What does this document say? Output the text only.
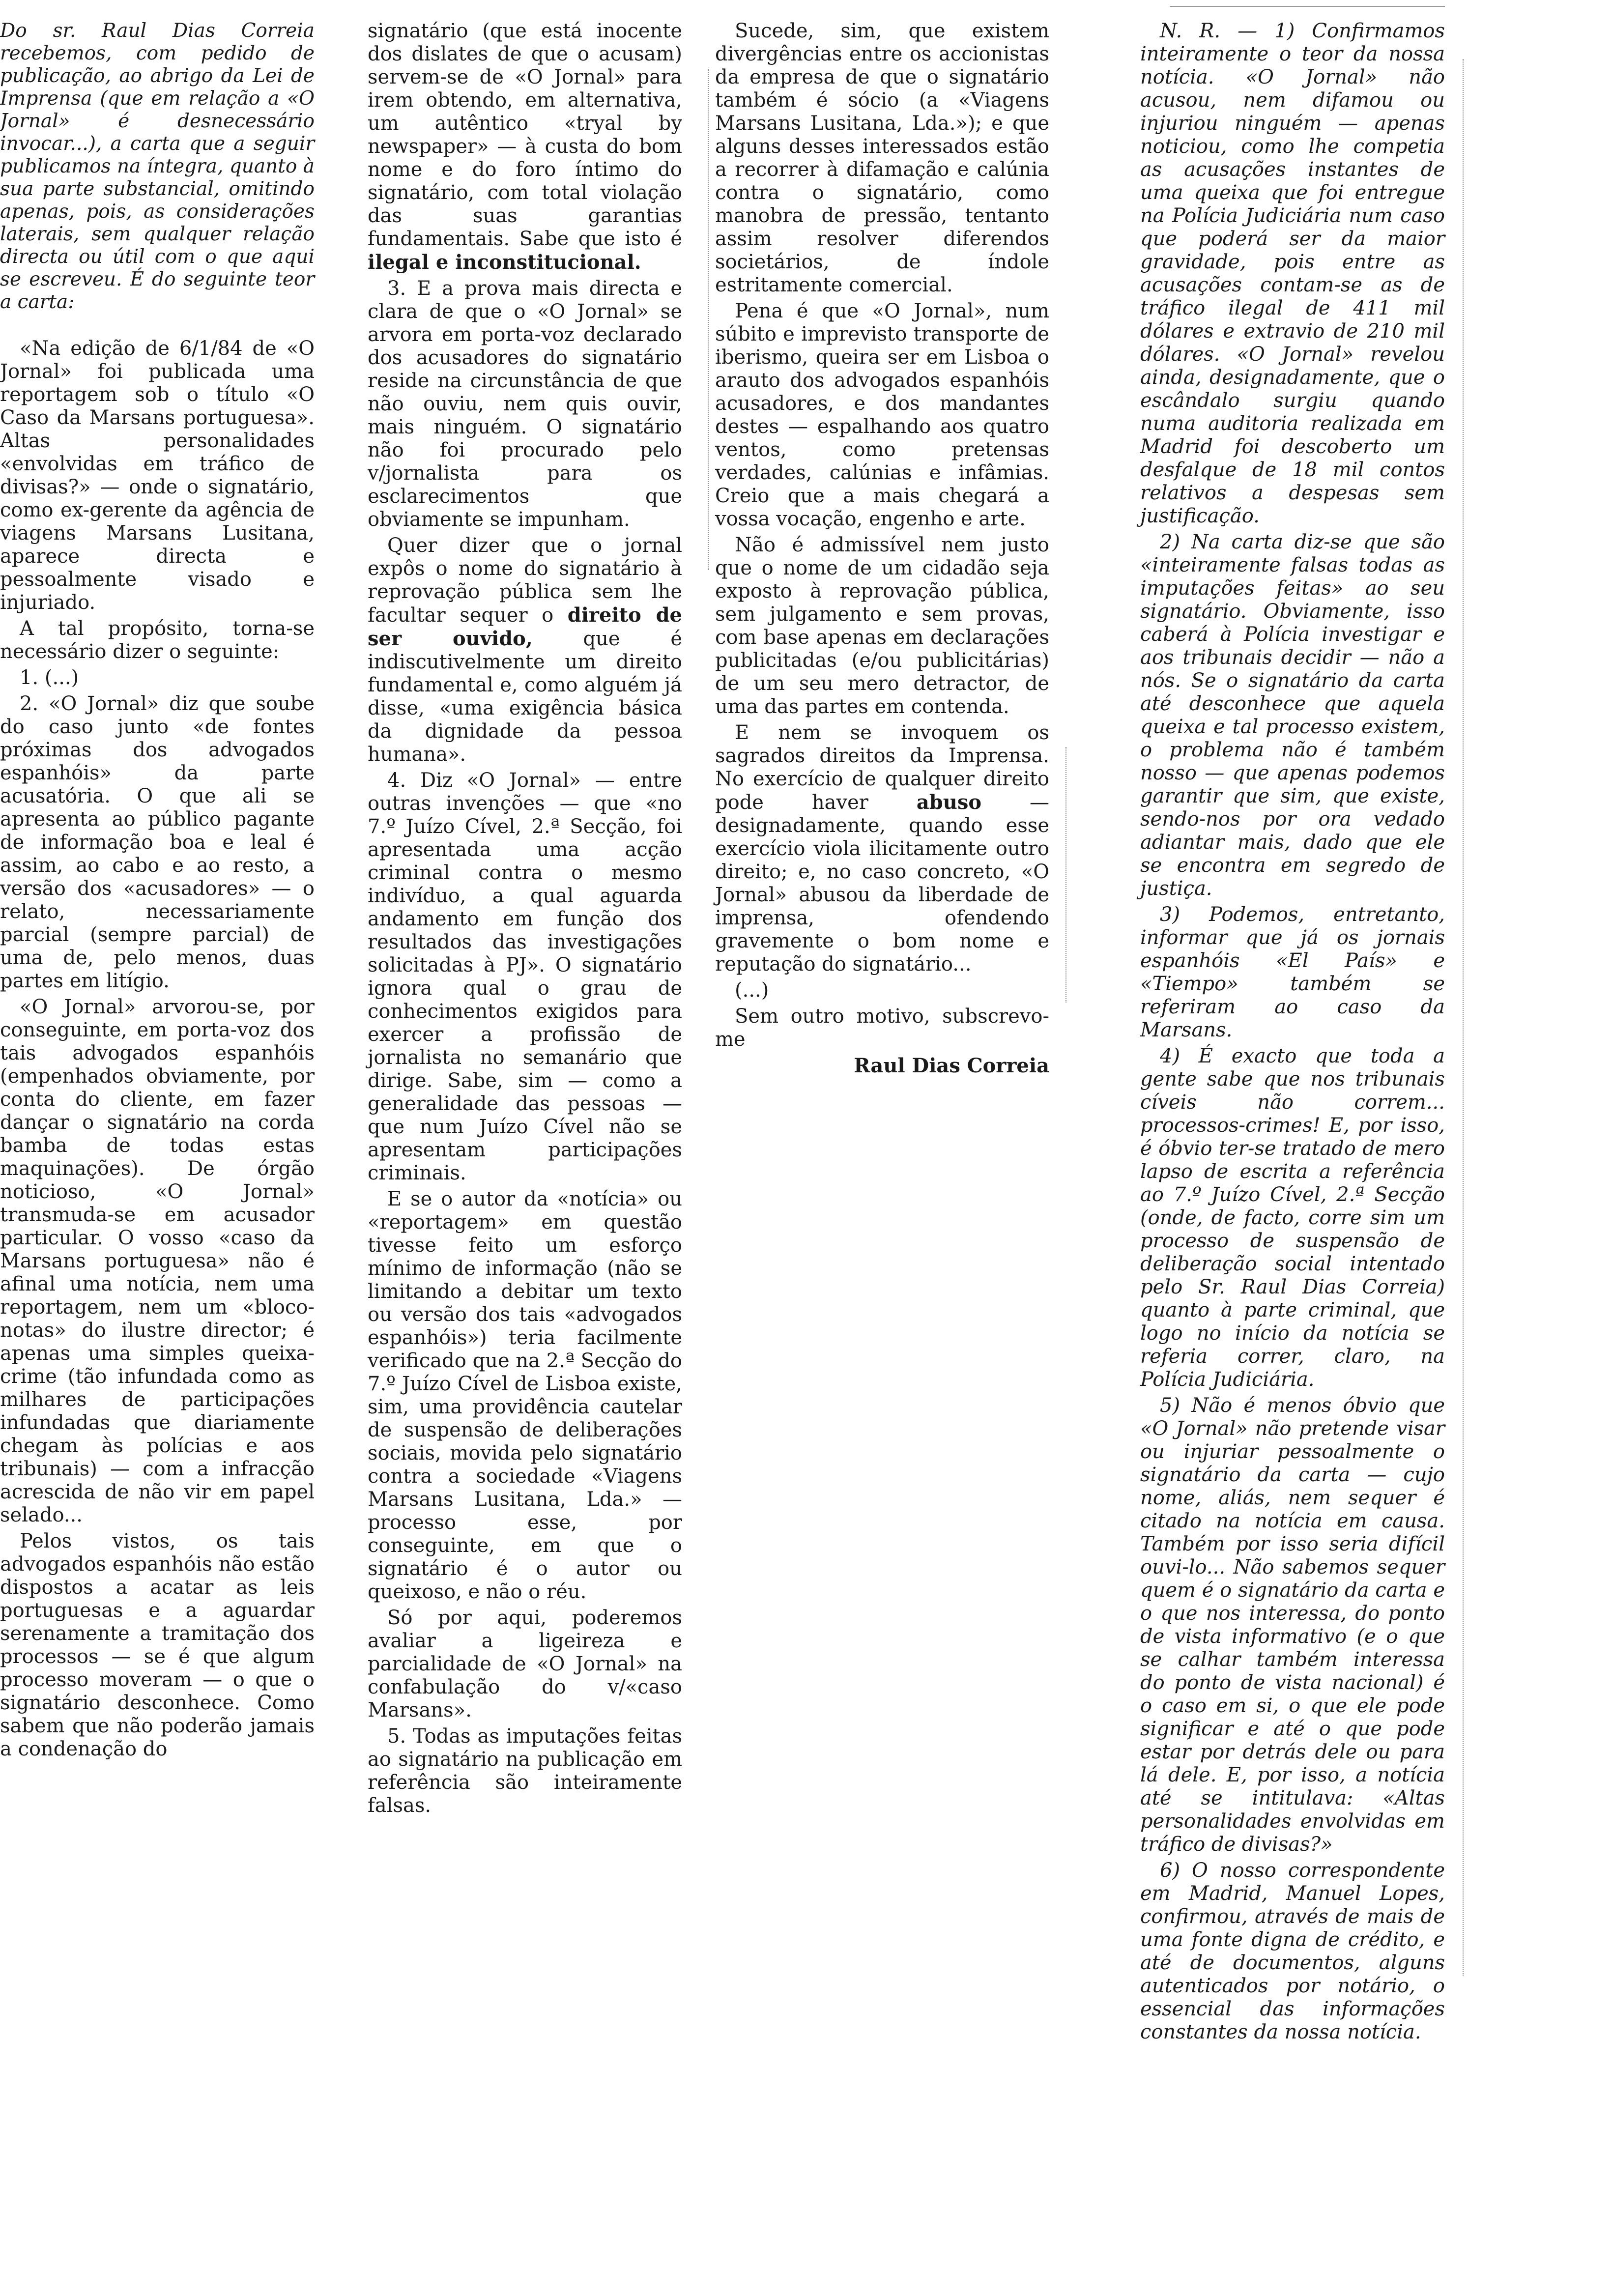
Do sr. Raul Dias Correia recebemos, com pedido de publicação, ao abrigo da Lei de Imprensa (que em relação a «O Jornal» é desnecessário invocar...), a carta que a seguir publicamos na íntegra, quanto à sua parte substancial, omitindo apenas, pois, as considerações laterais, sem qualquer relação directa ou útil com o que aqui se escreveu. É do seguinte teor a carta:

«Na edição de 6/1/84 de «O Jornal» foi publicada uma reportagem sob o título «O Caso da Marsans portuguesa». Altas personalidades «envolvidas em tráfico de divisas?» — onde o signatário, como ex-gerente da agência de viagens Marsans Lusitana, aparece directa e pessoalmente visado e injuriado.

A tal propósito, torna-se necessário dizer o seguinte:

1. (...)

2. «O Jornal» diz que soube do caso junto «de fontes próximas dos advogados espanhóis» da parte acusatória. O que ali se apresenta ao público pagante de informação boa e leal é assim, ao cabo e ao resto, a versão dos «acusadores» — o relato, necessariamente parcial (sempre parcial) de uma de, pelo menos, duas partes em litígio.

«O Jornal» arvorou-se, por conseguinte, em porta-voz dos tais advogados espanhóis (empenhados obviamente, por conta do cliente, em fazer dançar o signatário na corda bamba de todas estas maquinações). De órgão noticioso, «O Jornal» transmuda-se em acusador particular. O vosso «caso da Marsans portuguesa» não é afinal uma notícia, nem uma reportagem, nem um «bloco-notas» do ilustre director; é apenas uma simples queixa-crime (tão infundada como as milhares de participações infundadas que diariamente chegam às polícias e aos tribunais) — com a infracção acrescida de não vir em papel selado...

Pelos vistos, os tais advogados espanhóis não estão dispostos a acatar as leis portuguesas e a aguardar serenamente a tramitação dos processos — se é que algum processo moveram — o que o signatário desconhece. Como sabem que não poderão jamais a condenação do

signatário (que está inocente dos dislates de que o acusam) servem-se de «O Jornal» para irem obtendo, em alternativa, um autêntico «tryal by newspaper» — à custa do bom nome e do foro íntimo do signatário, com total violação das suas garantias fundamentais. Sabe que isto é ilegal e inconstitucional.

3. E a prova mais directa e clara de que o «O Jornal» se arvora em porta-voz declarado dos acusadores do signatário reside na circunstância de que não ouviu, nem quis ouvir, mais ninguém. O signatário não foi procurado pelo v/jornalista para os esclarecimentos que obviamente se impunham.

Quer dizer que o jornal expôs o nome do signatário à reprovação pública sem lhe facultar sequer o direito de ser ouvido,	que é indiscutivelmente um direito fundamental e, como alguém já disse, «uma exigência básica da dignidade da pessoa humana».

4. Diz «O Jornal» — entre outras invenções — que «no 7.º Juízo Cível, 2.ª Secção, foi apresentada uma acção criminal contra o mesmo indivíduo, a qual aguarda andamento em função dos resultados das investigações solicitadas à PJ». O signatário ignora qual o grau de conhecimentos exigidos para exercer a profissão de jornalista no semanário que dirige. Sabe, sim — como a generalidade das pessoas — que num Juízo Cível não se apresentam participações criminais.

E se o autor da «notícia» ou «reportagem» em questão tivesse feito um esforço mínimo de informação (não se limitando a debitar um texto ou versão dos tais «advogados espanhóis») teria facilmente verificado que na 2.ª Secção do 7.º Juízo Cível de Lisboa existe, sim, uma providência cautelar de suspensão de deliberações sociais, movida pelo signatário contra a sociedade «Viagens Marsans Lusitana, Lda.» — processo esse, por conseguinte, em que o signatário é o autor ou queixoso, e não o réu.

Só por aqui, poderemos avaliar a ligeireza e parcialidade de «O Jornal» na confabulação do v/«caso Marsans».

5. Todas as imputações feitas ao signatário na publicação em referência são inteiramente falsas.

Sucede, sim, que existem divergências entre os accionistas da empresa de que o signatário também é sócio (a «Viagens Marsans Lusitana, Lda.»); e que alguns desses interessados estão a recorrer à difamação e calúnia contra o signatário, como manobra de pressão, tentanto assim resolver diferendos societários, de índole estritamente comercial.

Pena é que «O Jornal», num súbito e imprevisto transporte de iberismo, queira ser em Lisboa o arauto dos advogados espanhóis acusadores, e dos mandantes destes — espalhando aos quatro ventos, como pretensas verdades, calúnias e infâmias. Creio que a mais chegará a vossa vocação, engenho e arte.

Não é admissível nem justo que o nome de um cidadão seja exposto à reprovação pública, sem julgamento e sem provas, com base apenas em declarações publicitadas (e/ou publicitárias) de um seu mero detractor, de uma das partes em contenda.

E nem se invoquem os sagrados direitos da Imprensa. No exercício de qualquer direito pode haver abuso — designadamente, quando esse exercício viola ilicitamente outro direito; e, no caso concreto, «O Jornal» abusou da liberdade de imprensa, ofendendo gravemente o bom nome e reputação do signatário...

(...)

Sem outro motivo, subscrevo-me

Raul Dias Correia

N. R. — 1) Confirmamos inteiramente o teor da nossa notícia. «O Jornal» não acusou, nem difamou ou injuriou ninguém — apenas noticiou, como lhe competia as acusações instantes de uma queixa que foi entregue na Polícia Judiciária num caso que poderá ser da maior gravidade, pois entre as acusações contam-se as de tráfico ilegal de 411 mil dólares e extravio de 210 mil dólares. «O Jornal» revelou ainda, designadamente, que o escândalo surgiu quando numa auditoria realizada em Madrid foi descoberto um desfalque de 18 mil contos relativos a despesas sem justificação.

2) Na carta diz-se que são «inteiramente falsas todas as imputações feitas» ao seu signatário. Obviamente, isso caberá à Polícia investigar e aos tribunais decidir — não a nós. Se o signatário da carta até desconhece que aquela queixa e tal processo existem, o problema não é também nosso — que apenas podemos garantir que sim, que existe, sendo-nos por ora vedado adiantar mais, dado que ele se encontra em segredo de justiça.

3) Podemos, entretanto, informar que já os jornais espanhóis «El País» e «Tiempo» também se referiram ao caso da Marsans.

4) É exacto que toda a gente sabe que nos tribunais cíveis não correm... processos-crimes! E, por isso, é óbvio ter-se tratado de mero lapso de escrita a referência ao 7.º Juízo Cível, 2.ª Secção (onde, de facto, corre sim um processo de suspensão de deliberação social intentado pelo Sr. Raul Dias Correia) quanto à parte criminal, que logo no início da notícia se referia correr, claro, na Polícia Judiciária.

5) Não é menos óbvio que «O Jornal» não pretende visar ou injuriar pessoalmente o signatário da carta — cujo nome, aliás, nem sequer é citado na notícia em causa. Também por isso seria difícil ouvi-lo... Não sabemos sequer quem é o signatário da carta e o que nos interessa, do ponto de vista informativo (e o que se calhar também interessa do ponto de vista nacional) é o caso em si, o que ele pode significar e até o que pode estar por detrás dele ou para lá dele. E, por isso, a notícia até se intitulava: «Altas personalidades envolvidas em tráfico de divisas?»

6) O nosso correspondente em Madrid, Manuel Lopes, confirmou, através de mais de uma fonte digna de crédito, e até de documentos, alguns autenticados por notário, o essencial das informações constantes da nossa notícia.
